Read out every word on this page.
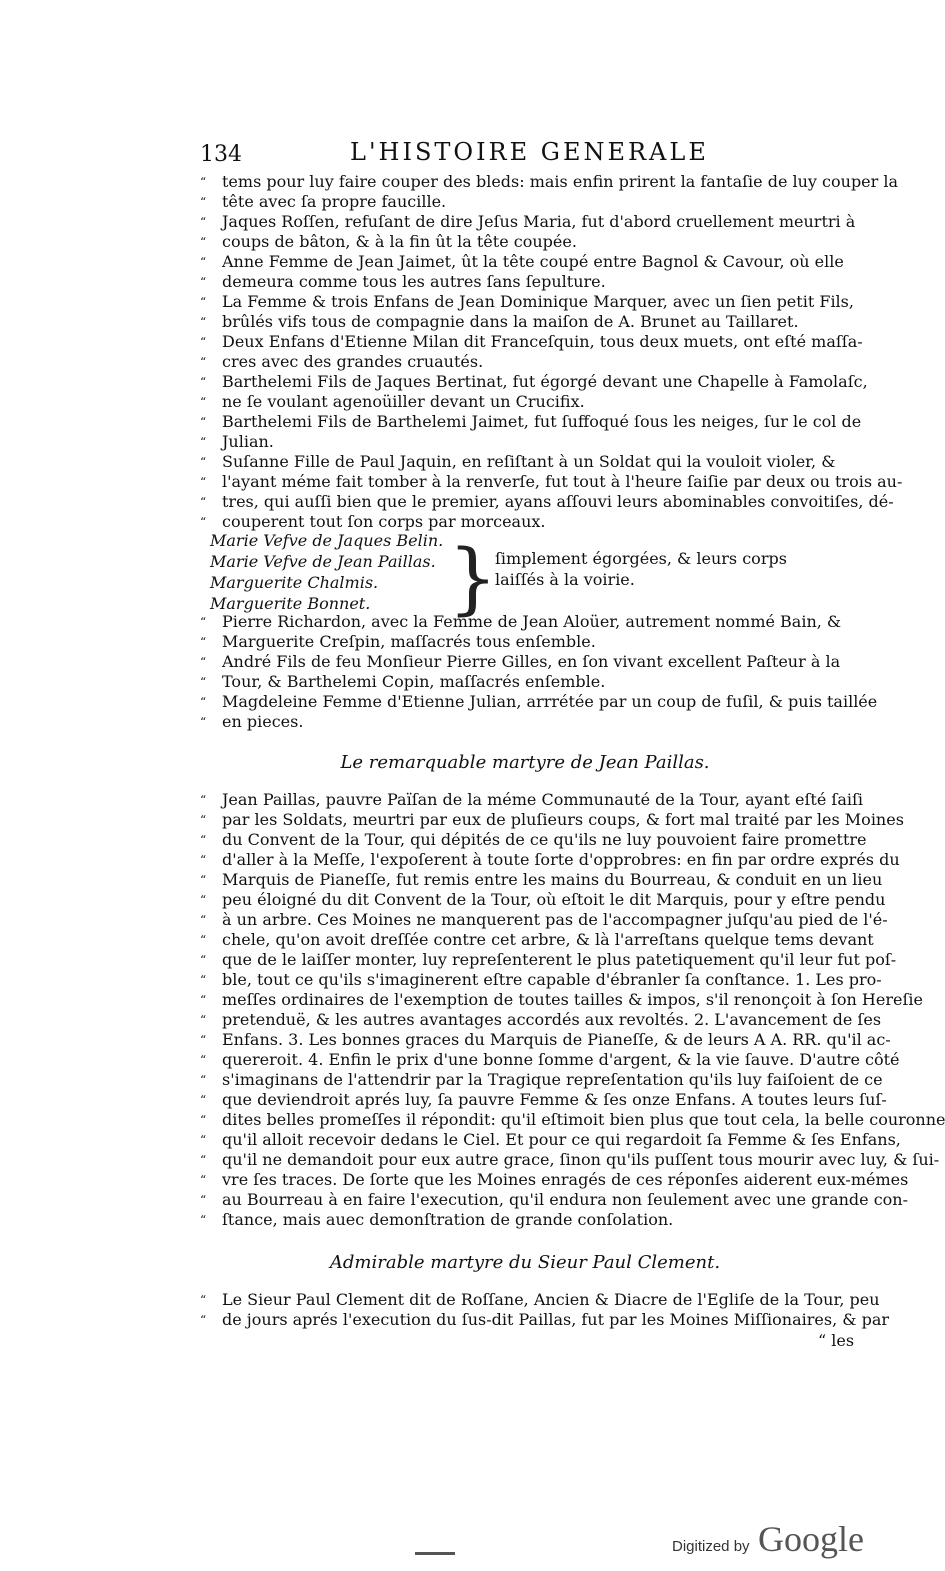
134	L'HISTOIRE GENERALE
“ tems pour luy faire couper des bleds: mais enfin prirent la fantaſie de luy couper la
“ tête avec ſa propre faucille.
“ Jaques Roſſen, refuſant de dire Jeſus Maria, fut d'abord cruellement meurtri à
“ coups de bâton, & à la fin ût la tête coupée.
“ Anne Femme de Jean Jaimet, ût la tête coupé entre Bagnol & Cavour, où elle
“ demeura comme tous les autres ſans ſepulture.
“ La Femme & trois Enfans de Jean Dominique Marquer, avec un ſien petit Fils,
“ brûlés vifs tous de compagnie dans la maiſon de A. Brunet au Taillaret.
“ Deux Enfans d'Etienne Milan dit Franceſquin, tous deux muets, ont eſté maſſa-
“ cres avec des grandes cruautés.
“ Barthelemi Fils de Jaques Bertinat, fut égorgé devant une Chapelle à Famolaſc,
“ ne ſe voulant agenoüiller devant un Crucifix.
“ Barthelemi Fils de Barthelemi Jaimet, fut ſuffoqué ſous les neiges, ſur le col de
“ Julian.
“ Suſanne Fille de Paul Jaquin, en reſiſtant à un Soldat qui la vouloit violer, &
“ l'ayant méme fait tomber à la renverſe, fut tout à l'heure ſaiſie par deux ou trois au-
“ tres, qui auſſi bien que le premier, ayans aſſouvi leurs abominables convoitiſes, dé-
“ couperent tout ſon corps par morceaux.
Marie Vefve de Jaques Belin.
Marie Vefve de Jean Paillas.
Marguerite Chalmis.
Marguerite Bonnet. }
ſimplement égorgées, & leurs corps laiſſés à la voirie.
“ Pierre Richardon, avec la Femme de Jean Aloüer, autrement nommé Bain, &
“ Marguerite Creſpin, maſſacrés tous enſemble.
“ André Fils de feu Monſieur Pierre Gilles, en ſon vivant excellent Paſteur à la
“ Tour, & Barthelemi Copin, maſſacrés enſemble.
“ Magdeleine Femme d'Etienne Julian, arrrétée par un coup de fuſil, & puis taillée
“ en pieces.
Le remarquable martyre de Jean Paillas.
“ Jean Paillas, pauvre Païſan de la méme Communauté de la Tour, ayant eſté ſaiſi
“ par les Soldats, meurtri par eux de pluſieurs coups, & fort mal traité par les Moines
“ du Convent de la Tour, qui dépités de ce qu'ils ne luy pouvoient faire promettre
“ d'aller à la Meſſe, l'expoſerent à toute ſorte d'opprobres: en fin par ordre exprés du
“ Marquis de Pianeſſe, fut remis entre les mains du Bourreau, & conduit en un lieu
“ peu éloigné du dit Convent de la Tour, où eſtoit le dit Marquis, pour y eſtre pendu
“ à un arbre. Ces Moines ne manquerent pas de l'accompagner juſqu'au pied de l'é-
“ chele, qu'on avoit dreſſée contre cet arbre, & là l'arreſtans quelque tems devant
“ que de le laiſſer monter, luy repreſenterent le plus patetiquement qu'il leur fut poſ-
“ ble, tout ce qu'ils s'imaginerent eſtre capable d'ébranler ſa conſtance. 1. Les pro-
“ meſſes ordinaires de l'exemption de toutes tailles & impos, s'il renonçoit à ſon Hereſie
“ pretenduë, & les autres avantages accordés aux revoltés. 2. L'avancement de ſes
“ Enfans. 3. Les bonnes graces du Marquis de Pianeſſe, & de leurs A A. RR. qu'il ac-
“ quereroit. 4. Enfin le prix d'une bonne ſomme d'argent, & la vie ſauve. D'autre côté
“ s'imaginans de l'attendrir par la Tragique repreſentation qu'ils luy faiſoient de ce
“ que deviendroit aprés luy, ſa pauvre Femme & ſes onze Enfans. A toutes leurs ſuſ-
“ dites belles promeſſes il répondit: qu'il eſtimoit bien plus que tout cela, la belle couronne
“ qu'il alloit recevoir dedans le Ciel. Et pour ce qui regardoit ſa Femme & ſes Enfans,
“ qu'il ne demandoit pour eux autre grace, ſinon qu'ils puſſent tous mourir avec luy, & ſui-
“ vre ſes traces. De ſorte que les Moines enragés de ces réponſes aiderent eux-mémes
“ au Bourreau à en faire l'execution, qu'il endura non ſeulement avec une grande con-
“ ſtance, mais auec demonſtration de grande conſolation.
Admirable martyre du Sieur Paul Clement.
“ Le Sieur Paul Clement dit de Roſſane, Ancien & Diacre de l'Egliſe de la Tour, peu
“ de jours aprés l'execution du ſus-dit Paillas, fut par les Moines Miſſionaires, & par
“ les
Digitized by Google
